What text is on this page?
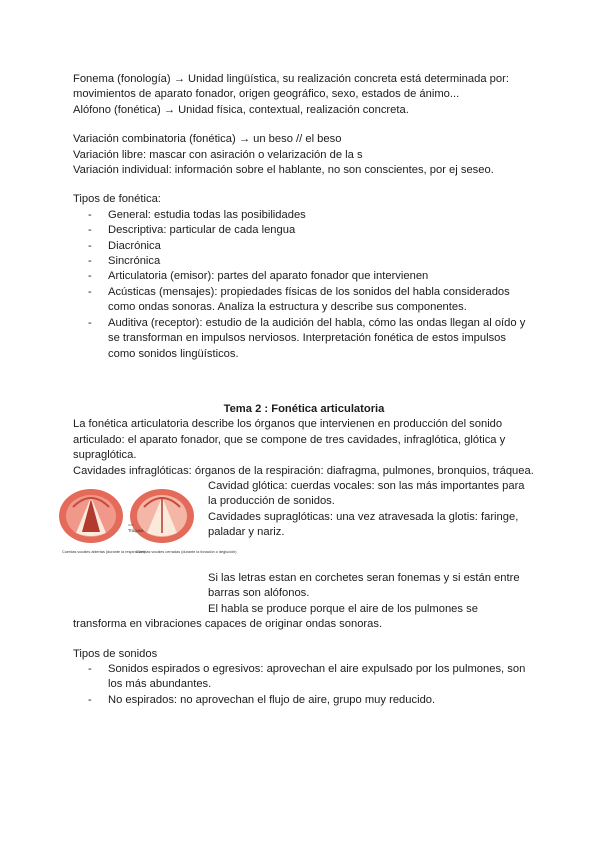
Fonema (fonología) → Unidad lingüística, su realización concreta está determinada por:

movimientos de aparato fonador, origen geográfico, sexo, estados de ánimo...

Alófono (fonética) → Unidad física, contextual, realización concreta.

Variación combinatoria (fonética) → un beso // el beso

Variación libre: mascar con asiración o velarización de la s

Variación individual: información sobre el hablante, no son conscientes, por ej seseo.

Tipos de fonética:

- General: estudia todas las posibilidades
- Descriptiva: particular de cada lengua
- Diacrónica
- Sincrónica
- Articulatoria (emisor): partes del aparato fonador que intervienen
- Acústicas (mensajes): propiedades físicas de los sonidos del habla considerados como ondas sonoras. Analiza la estructura y describe sus componentes.
- Auditiva (receptor): estudio de la audición del habla, cómo las ondas llegan al oído y se transforman en impulsos nerviosos. Interpretación fonética de estos impulsos como sonidos lingüísticos.

Tema 2 : Fonética articulatoria

La fonética articulatoria describe los órganos que intervienen en producción del sonido articulado: el aparato fonador, que se compone de tres cavidades, infraglótica, glótica y supraglótica.

Cavidades infraglóticas: órganos de la respiración: diafragma, pulmones, bronquios, tráquea.

Tráquea
Cuerdas vocales abiertas (durante la respiración)
Cuerdas vocales cerradas (durante la fonación o deglución)

Cavidad glótica: cuerdas vocales: son las más importantes para la producción de sonidos.

Cavidades supraglóticas: una vez atravesada la glotis: faringe, paladar y nariz.

Si las letras estan en corchetes seran fonemas y si están entre barras son alófonos.

El habla se produce porque el aire de los pulmones se

transforma en vibraciones capaces de originar ondas sonoras.

Tipos de sonidos

- Sonidos espirados o egresivos: aprovechan el aire expulsado por los pulmones, son los más abundantes.
- No espirados: no aprovechan el flujo de aire, grupo muy reducido.
